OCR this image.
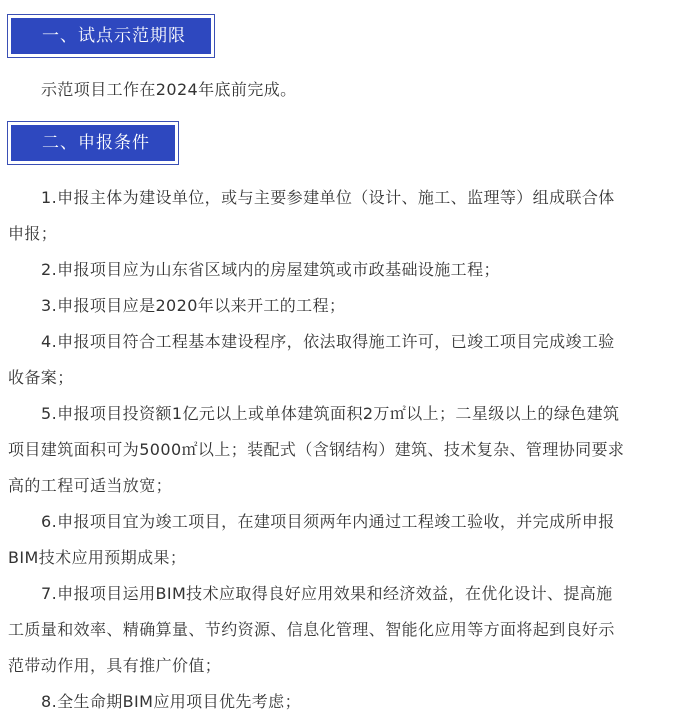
一、试点示范期限
示范项目工作在2024年底前完成。
二、申报条件
1.申报主体为建设单位，或与主要参建单位（设计、施工、监理等）组成联合体
申报；
2.申报项目应为山东省区域内的房屋建筑或市政基础设施工程；
3.申报项目应是2020年以来开工的工程；
4.申报项目符合工程基本建设程序，依法取得施工许可，已竣工项目完成竣工验
收备案；
5.申报项目投资额1亿元以上或单体建筑面积2万㎡以上；二星级以上的绿色建筑
项目建筑面积可为5000㎡以上；装配式（含钢结构）建筑、技术复杂、管理协同要求
高的工程可适当放宽；
6.申报项目宜为竣工项目，在建项目须两年内通过工程竣工验收，并完成所申报
BIM技术应用预期成果；
7.申报项目运用BIM技术应取得良好应用效果和经济效益，在优化设计、提高施
工质量和效率、精确算量、节约资源、信息化管理、智能化应用等方面将起到良好示
范带动作用，具有推广价值；
8.全生命期BIM应用项目优先考虑；
